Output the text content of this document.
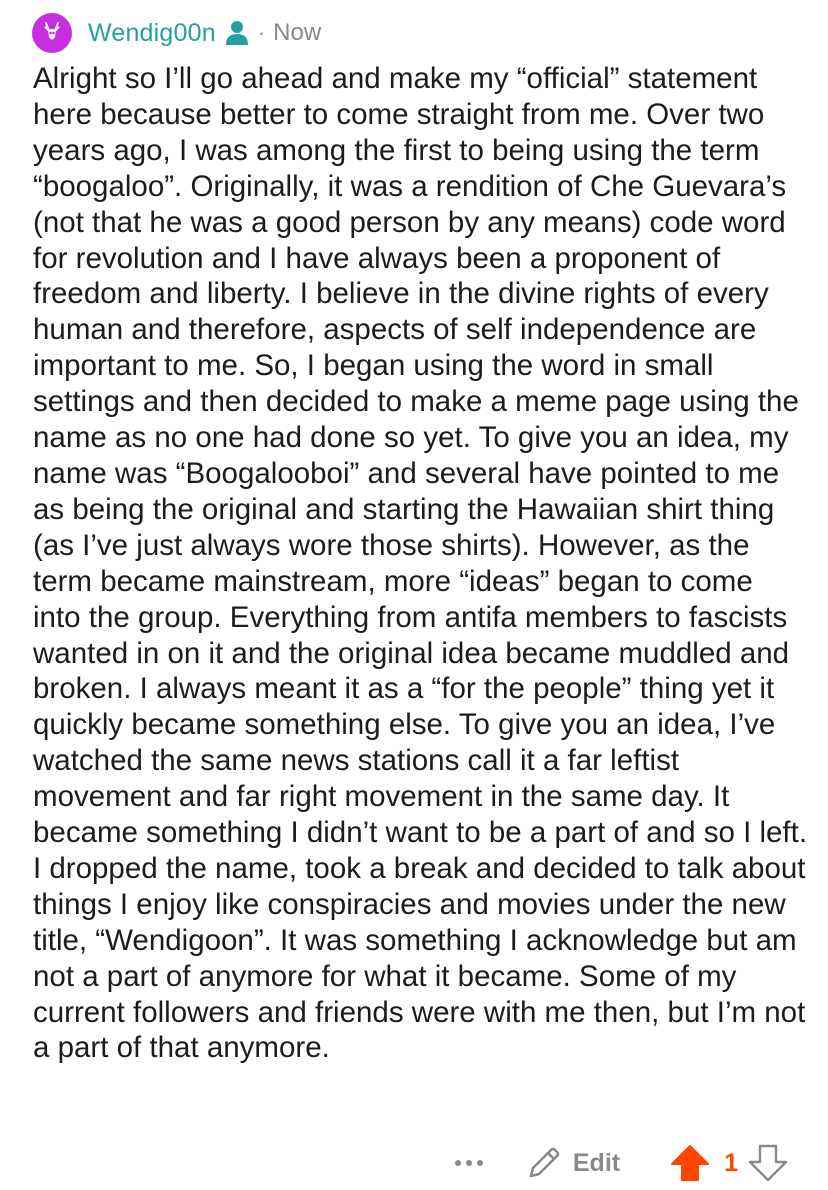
Wendig00n · Now

Alright so I’ll go ahead and make my “official” statement here because better to come straight from me. Over two years ago, I was among the first to being using the term “boogaloo”. Originally, it was a rendition of Che Guevara’s (not that he was a good person by any means) code word for revolution and I have always been a proponent of freedom and liberty. I believe in the divine rights of every human and therefore, aspects of self independence are important to me. So, I began using the word in small settings and then decided to make a meme page using the name as no one had done so yet. To give you an idea, my name was “Boogalooboi” and several have pointed to me as being the original and starting the Hawaiian shirt thing (as I’ve just always wore those shirts). However, as the term became mainstream, more “ideas” began to come into the group. Everything from antifa members to fascists wanted in on it and the original idea became muddled and broken. I always meant it as a “for the people” thing yet it quickly became something else. To give you an idea, I’ve watched the same news stations call it a far leftist movement and far right movement in the same day. It became something I didn’t want to be a part of and so I left. I dropped the name, took a break and decided to talk about things I enjoy like conspiracies and movies under the new title, “Wendigoon”. It was something I acknowledge but am not a part of anymore for what it became. Some of my current followers and friends were with me then, but I’m not a part of that anymore.

Edit	1
